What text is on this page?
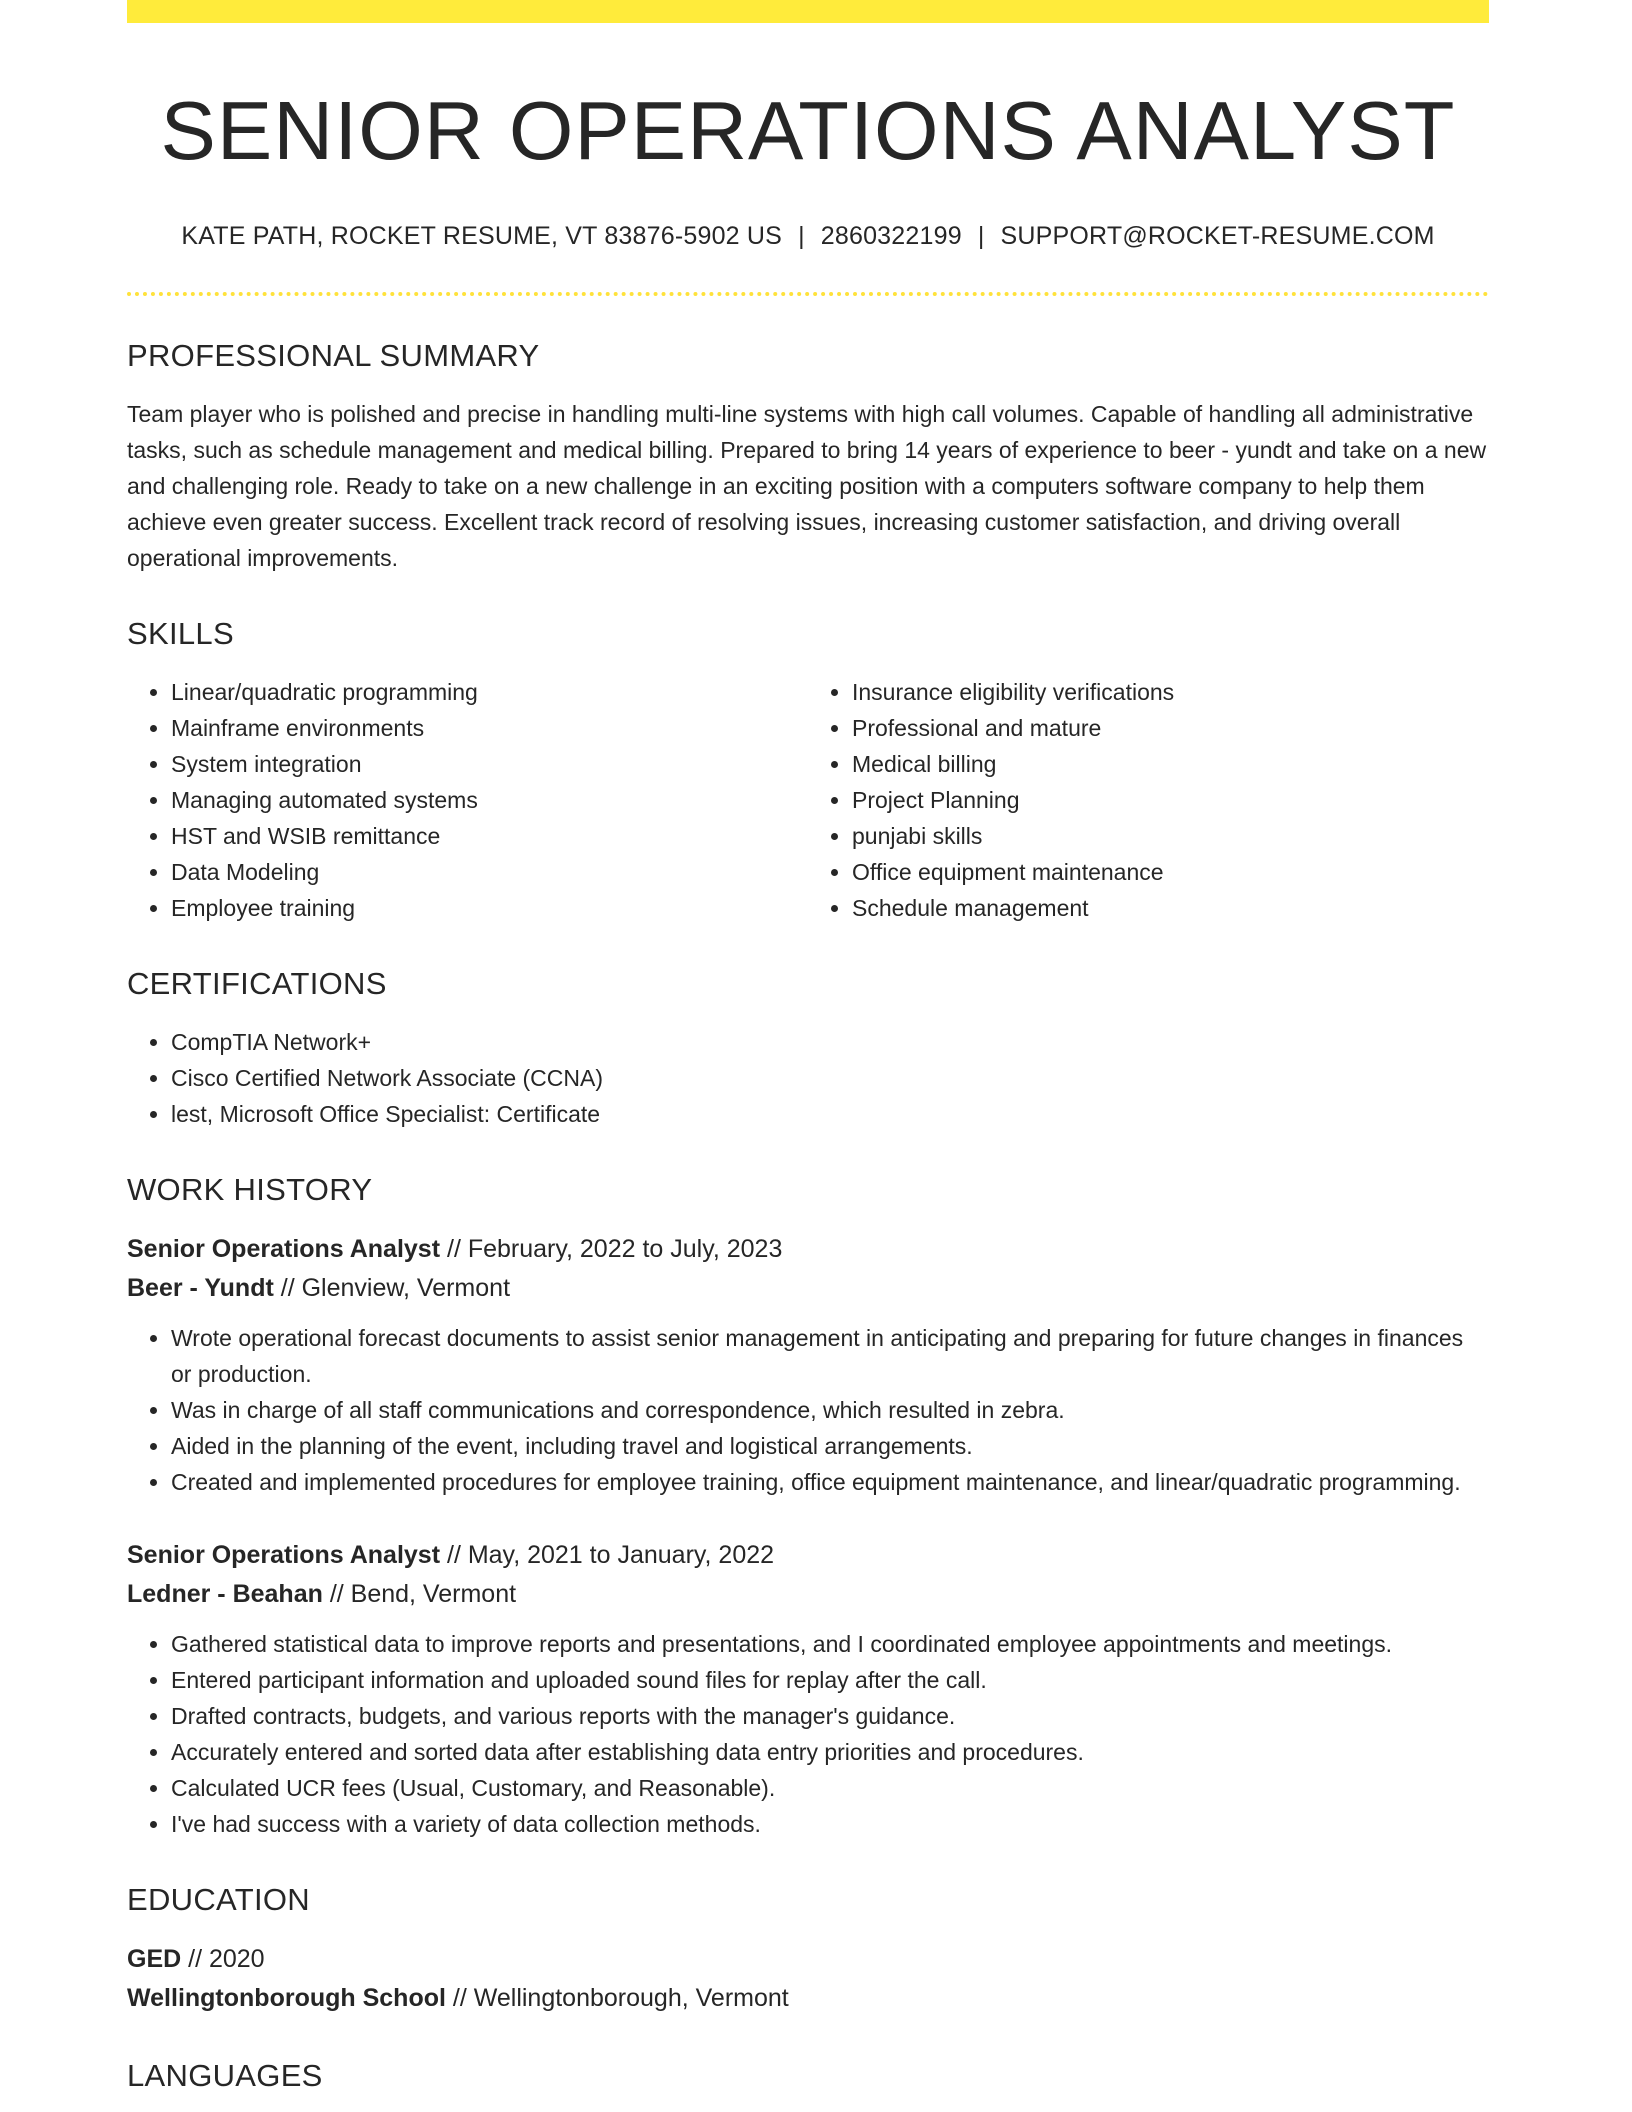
SENIOR OPERATIONS ANALYST
KATE PATH, ROCKET RESUME, VT 83876-5902 US | 2860322199 | SUPPORT@ROCKET-RESUME.COM
PROFESSIONAL SUMMARY
Team player who is polished and precise in handling multi-line systems with high call volumes. Capable of handling all administrative tasks, such as schedule management and medical billing. Prepared to bring 14 years of experience to beer - yundt and take on a new and challenging role. Ready to take on a new challenge in an exciting position with a computers software company to help them achieve even greater success. Excellent track record of resolving issues, increasing customer satisfaction, and driving overall operational improvements.
SKILLS
• Linear/quadratic programming
• Mainframe environments
• System integration
• Managing automated systems
• HST and WSIB remittance
• Data Modeling
• Employee training
• Insurance eligibility verifications
• Professional and mature
• Medical billing
• Project Planning
• punjabi skills
• Office equipment maintenance
• Schedule management
CERTIFICATIONS
• CompTIA Network+
• Cisco Certified Network Associate (CCNA)
• lest, Microsoft Office Specialist: Certificate
WORK HISTORY
Senior Operations Analyst // February, 2022 to July, 2023
Beer - Yundt // Glenview, Vermont
• Wrote operational forecast documents to assist senior management in anticipating and preparing for future changes in finances or production.
• Was in charge of all staff communications and correspondence, which resulted in zebra.
• Aided in the planning of the event, including travel and logistical arrangements.
• Created and implemented procedures for employee training, office equipment maintenance, and linear/quadratic programming.
Senior Operations Analyst // May, 2021 to January, 2022
Ledner - Beahan // Bend, Vermont
• Gathered statistical data to improve reports and presentations, and I coordinated employee appointments and meetings.
• Entered participant information and uploaded sound files for replay after the call.
• Drafted contracts, budgets, and various reports with the manager's guidance.
• Accurately entered and sorted data after establishing data entry priorities and procedures.
• Calculated UCR fees (Usual, Customary, and Reasonable).
• I've had success with a variety of data collection methods.
EDUCATION
GED // 2020
Wellingtonborough School // Wellingtonborough, Vermont
LANGUAGES
